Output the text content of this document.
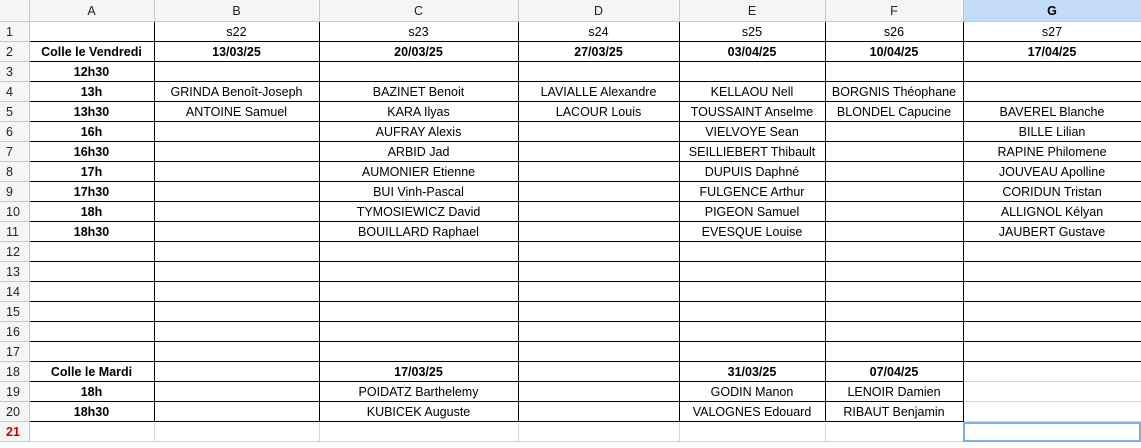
	A	B	C	D	E	F	G
1		s22	s23	s24	s25	s26	s27
2	Colle le Vendredi	13/03/25	20/03/25	27/03/25	03/04/25	10/04/25	17/04/25
3	12h30						
4	13h	GRINDA Benoît-Joseph	BAZINET Benoit	LAVIALLE Alexandre	KELLAOU Nell	BORGNIS Théophane	
5	13h30	ANTOINE Samuel	KARA Ilyas	LACOUR Louis	TOUSSAINT Anselme	BLONDEL Capucine	BAVEREL Blanche
6	16h		AUFRAY Alexis		VIELVOYE Sean		BILLE Lilian
7	16h30		ARBID Jad		SEILLIEBERT Thibault		RAPINE Philomene
8	17h		AUMONIER Etienne		DUPUIS Daphné		JOUVEAU Apolline
9	17h30		BUI Vinh-Pascal		FULGENCE Arthur		CORIDUN Tristan
10	18h		TYMOSIEWICZ David		PIGEON Samuel		ALLIGNOL Kélyan
11	18h30		BOUILLARD Raphael		EVESQUE Louise		JAUBERT Gustave
12							
13							
14							
15							
16							
17							
18	Colle le Mardi		17/03/25		31/03/25	07/04/25	
19	18h		POIDATZ Barthelemy		GODIN Manon	LENOIR Damien	
20	18h30		KUBICEK Auguste		VALOGNES Edouard	RIBAUT Benjamin	
21							
